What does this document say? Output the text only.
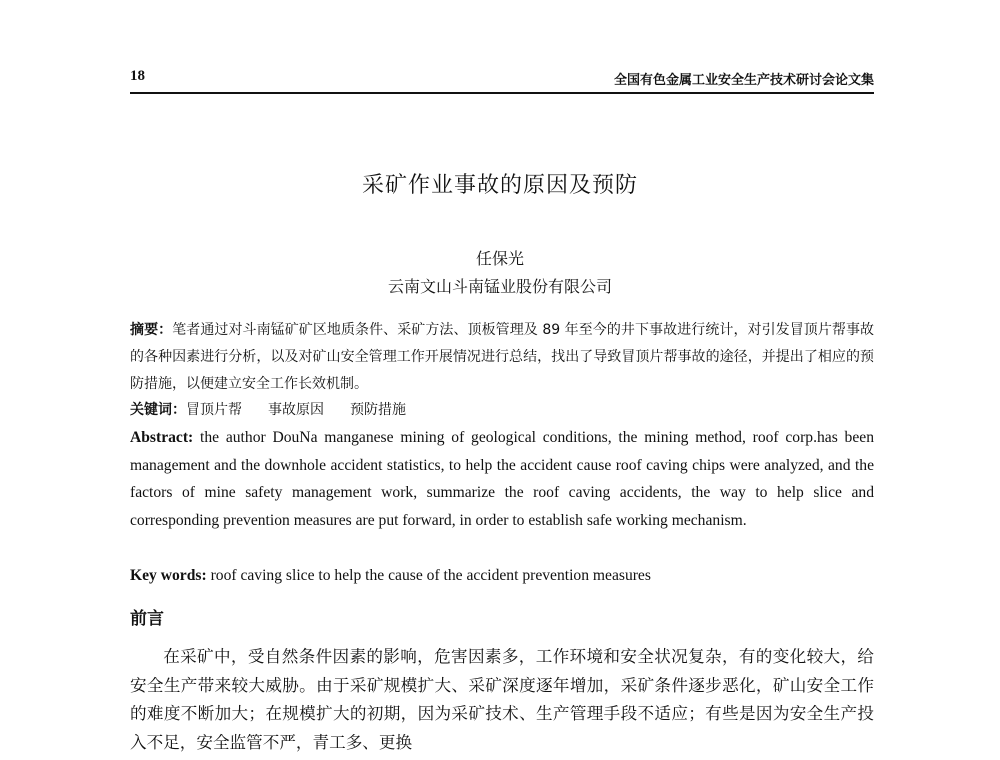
18	全国有色金属工业安全生产技术研讨会论文集
采矿作业事故的原因及预防
任保光
云南文山斗南锰业股份有限公司

摘要：笔者通过对斗南锰矿矿区地质条件、采矿方法、顶板管理及 89 年至今的井下事故进行统计，对引发冒顶片帮事故的各种因素进行分析，以及对矿山安全管理工作开展情况进行总结，找出了导致冒顶片帮事故的途径，并提出了相应的预防措施，以便建立安全工作长效机制。

关键词：冒顶片帮 事故原因 预防措施

Abstract: the author DouNa manganese mining of geological conditions, the mining method, roof corp.has been management and the downhole accident statistics, to help the accident cause roof caving chips were analyzed, and the factors of mine safety management work, summarize the roof caving accidents, the way to help slice and corresponding prevention measures are put forward, in order to establish safe working mechanism.

Key words: roof caving slice to help the cause of the accident prevention measures
前言

在采矿中，受自然条件因素的影响，危害因素多，工作环境和安全状况复杂，有的变化较大，给安全生产带来较大威胁。由于采矿规模扩大、采矿深度逐年增加，采矿条件逐步恶化，矿山安全工作的难度不断加大；在规模扩大的初期，因为采矿技术、生产管理手段不适应；有些是因为安全生产投入不足，安全监管不严，青工多、更换
